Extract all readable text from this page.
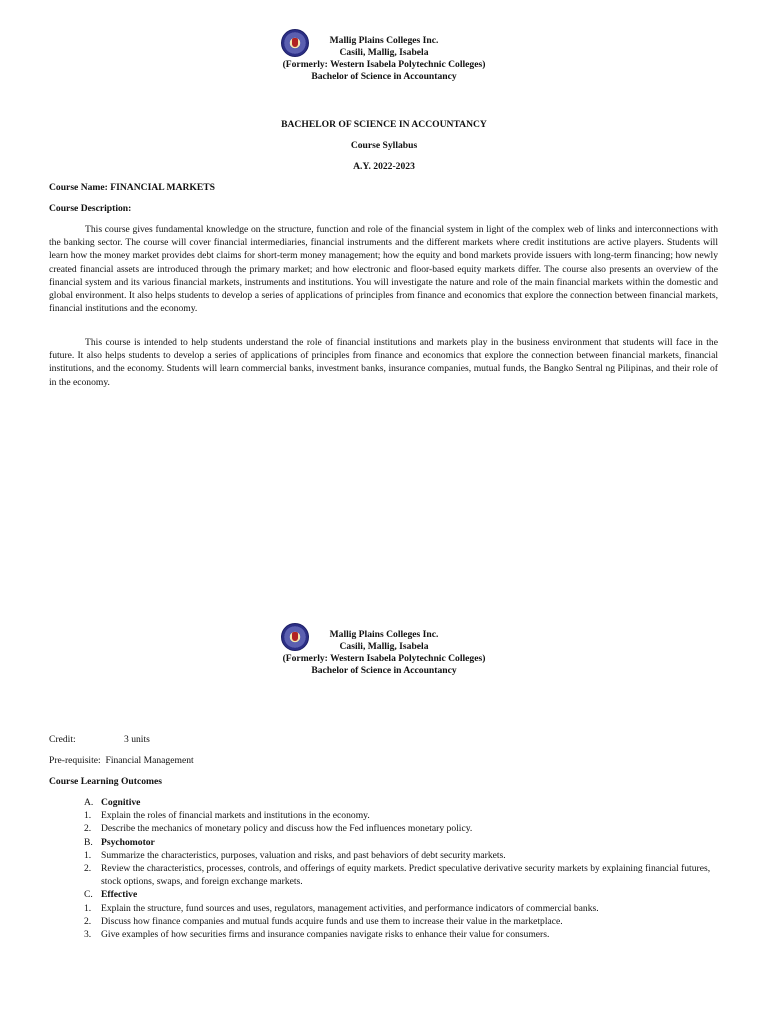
Mallig Plains Colleges Inc.
Casili, Mallig, Isabela
(Formerly: Western Isabela Polytechnic Colleges)
Bachelor of Science in Accountancy
BACHELOR OF SCIENCE IN ACCOUNTANCY
Course Syllabus
A.Y. 2022-2023
Course Name: FINANCIAL MARKETS
Course Description:
This course gives fundamental knowledge on the structure, function and role of the financial system in light of the complex web of links and interconnections with the banking sector. The course will cover financial intermediaries, financial instruments and the different markets where credit institutions are active players. Students will learn how the money market provides debt claims for short-term money management; how the equity and bond markets provide issuers with long-term financing; how newly created financial assets are introduced through the primary market; and how electronic and floor-based equity markets differ. The course also presents an overview of the financial system and its various financial markets, instruments and institutions. You will investigate the nature and role of the main financial markets within the domestic and global environment. It also helps students to develop a series of applications of principles from finance and economics that explore the connection between financial markets, financial institutions and the economy.
This course is intended to help students understand the role of financial institutions and markets play in the business environment that students will face in the future. It also helps students to develop a series of applications of principles from finance and economics that explore the connection between financial markets, financial institutions, and the economy. Students will learn commercial banks, investment banks, insurance companies, mutual funds, the Bangko Sentral ng Pilipinas, and their role of in the economy.
Mallig Plains Colleges Inc.
Casili, Mallig, Isabela
(Formerly: Western Isabela Polytechnic Colleges)
Bachelor of Science in Accountancy
Credit:	3 units
Pre-requisite:  Financial Management
Course Learning Outcomes
A. Cognitive
1.	Explain the roles of financial markets and institutions in the economy.
2.	Describe the mechanics of monetary policy and discuss how the Fed influences monetary policy.
B. Psychomotor
1.	Summarize the characteristics, purposes, valuation and risks, and past behaviors of debt security markets.
2.	Review the characteristics, processes, controls, and offerings of equity markets. Predict speculative derivative security markets by explaining financial futures, stock options, swaps, and foreign exchange markets.
C. Effective
1.	Explain the structure, fund sources and uses, regulators, management activities, and performance indicators of commercial banks.
2.	Discuss how finance companies and mutual funds acquire funds and use them to increase their value in the marketplace.
3.	Give examples of how securities firms and insurance companies navigate risks to enhance their value for consumers.
